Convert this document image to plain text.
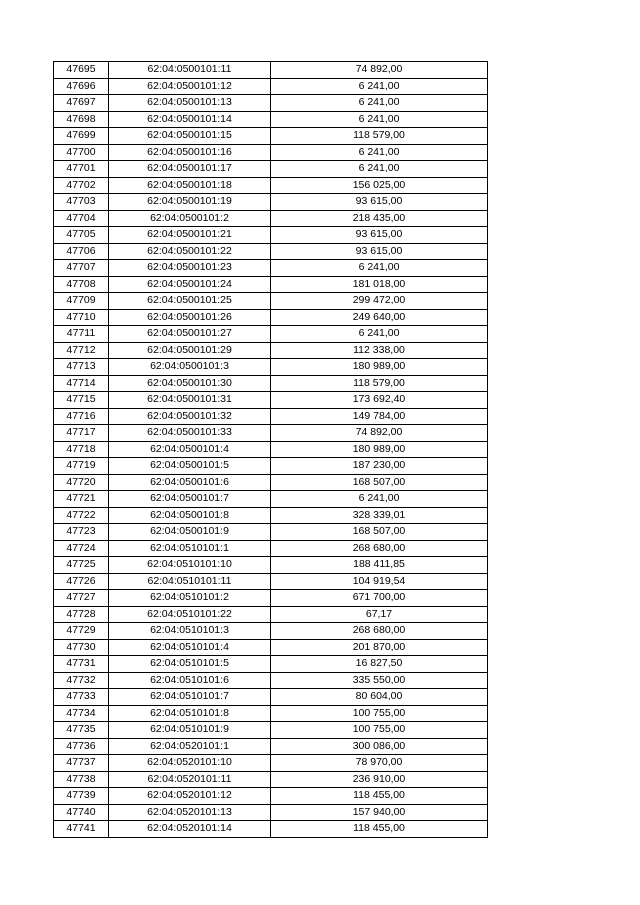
47695	62:04:0500101:11	74 892,00
47696	62:04:0500101:12	6 241,00
47697	62:04:0500101:13	6 241,00
47698	62:04:0500101:14	6 241,00
47699	62:04:0500101:15	118 579,00
47700	62:04:0500101:16	6 241,00
47701	62:04:0500101:17	6 241,00
47702	62:04:0500101:18	156 025,00
47703	62:04:0500101:19	93 615,00
47704	62:04:0500101:2	218 435,00
47705	62:04:0500101:21	93 615,00
47706	62:04:0500101:22	93 615,00
47707	62:04:0500101:23	6 241,00
47708	62:04:0500101:24	181 018,00
47709	62:04:0500101:25	299 472,00
47710	62:04:0500101:26	249 640,00
47711	62:04:0500101:27	6 241,00
47712	62:04:0500101:29	112 338,00
47713	62:04:0500101:3	180 989,00
47714	62:04:0500101:30	118 579,00
47715	62:04:0500101:31	173 692,40
47716	62:04:0500101:32	149 784,00
47717	62:04:0500101:33	74 892,00
47718	62:04:0500101:4	180 989,00
47719	62:04:0500101:5	187 230,00
47720	62:04:0500101:6	168 507,00
47721	62:04:0500101:7	6 241,00
47722	62:04:0500101:8	328 339,01
47723	62:04:0500101:9	168 507,00
47724	62:04:0510101:1	268 680,00
47725	62:04:0510101:10	188 411,85
47726	62:04:0510101:11	104 919,54
47727	62:04:0510101:2	671 700,00
47728	62:04:0510101:22	67,17
47729	62:04:0510101:3	268 680,00
47730	62:04:0510101:4	201 870,00
47731	62:04:0510101:5	16 827,50
47732	62:04:0510101:6	335 550,00
47733	62:04:0510101:7	80 604,00
47734	62:04:0510101:8	100 755,00
47735	62:04:0510101:9	100 755,00
47736	62:04:0520101:1	300 086,00
47737	62:04:0520101:10	78 970,00
47738	62:04:0520101:11	236 910,00
47739	62:04:0520101:12	118 455,00
47740	62:04:0520101:13	157 940,00
47741	62:04:0520101:14	118 455,00
